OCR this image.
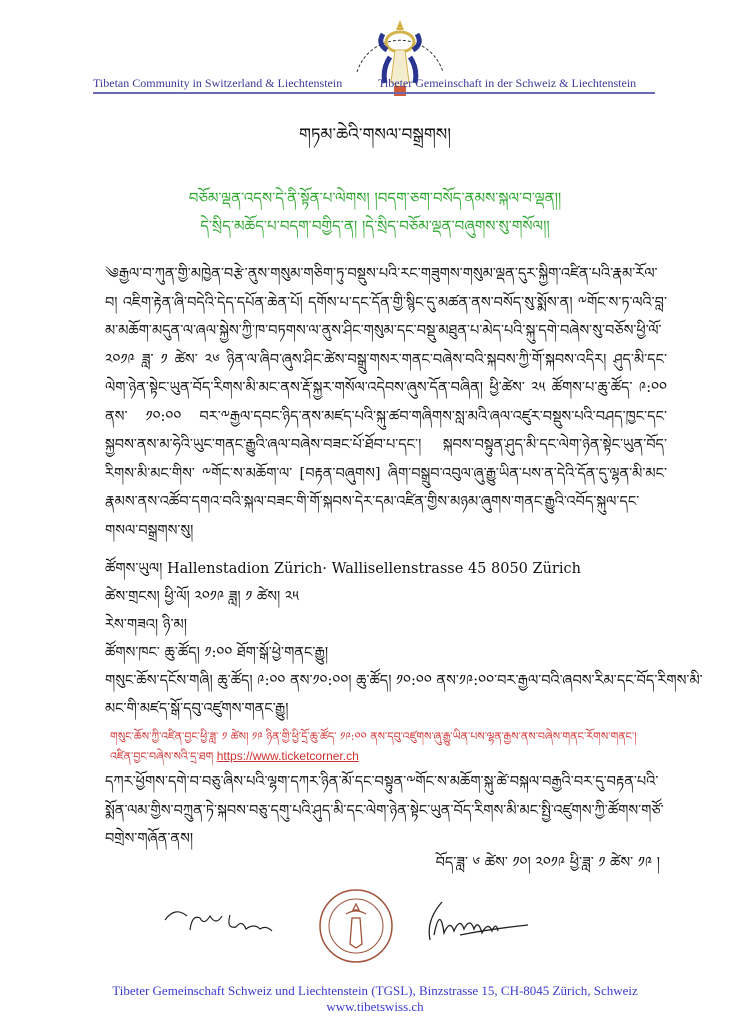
Tibetan Community in Switzerland & Liechtenstein	Tibeter Gemeinschaft in der Schweiz & Liechtenstein
གཏམ་ཆེའི་གསལ་བསྒྲགས།
བཅོམ་ལྡན་འདས་དེ་ནི་སྟོན་པ་ལེགས། །བདག་ཅག་བསོད་ནམས་སྐལ་བ་ལྡན།།
དེ་སྲིད་མཆོད་པ་བདག་བགྱིད་ན། །དེ་སྲིད་བཅོམ་ལྡན་བཞུགས་སུ་གསོལ།།
༄རྒྱལ་བ་ཀུན་གྱི་མཁྱེན་བརྩེ་ནུས་གསུམ་གཅིག་ཏུ་བསྡུས་པའི་རང་གཟུགས་གསུམ་ལྡན་དུར་སྐྱིག་འཛིན་པའི་རྣམ་རོལ་བ། འཇིག་རྟེན་ཞི་བདེའི་དེད་དཔོན་ཆེན་པོ། དགོས་པ་དང་དོན་གྱི་སྙིང་དུ་མཚན་ནས་བསོད་སུ་སྨོས་ན། ༸གོང་ས་ཏ་ལའི་བླ་མ་མཆོག་མདུན་ལ་ཞལ་སྐྱེས་ཀྱི་ཁ་བཏགས་ལ་ནུས་ཤིང་གསུམ་དང་བསྡུ་མཐུན་པ་མེད་པའི་སྐུ་དགེ་བཞེས་སུ་བཅོས་ཕྱི་ལོ་ ༢༠༡༩ ཟླ་ ༡ ཚེས་ ༢༦ ཉིན་ལ་ཞིབ་ཞུས་ཤིང་ཚེས་བསྒྲུ་གསར་གནང་བཞེས་བའི་སྐབས་ཀྱི་གོ་སྐབས་འདིར། ཤུད་མི་དང་ལེག་ཉེན་སྟེང་ཡུན་བོད་རིགས་མི་མང་ནས་རྡོ་སྐྱར་གསོལ་འདེབས་ཞུས་དོན་བཞིན། ཕྱི་ཚེས་ ༢༥ ཚོགས་པ་ཆུ་ཚོད་ ༩:༠༠ ནས་ ༡༠:༠༠ བར་༸རྒྱལ་དབང་ཉིད་ནས་མཛད་པའི་སྐུ་ཚབ་གཞིགས་སླ་མའི་ཞལ་འཛུར་བསྡུས་པའི་བཤད་ཁྱང་དང་སྐྱབས་ནས་མ་ཧེའི་ཡུང་གནང་རྒྱུའི་ཞལ་བཞེས་བཟང་པོ་ཐོབ་པ་དང་། སྐབས་བསྟུན་ཤུད་མི་དང་ལེག་ཉེན་སྟེང་ཡུན་བོད་རིགས་མི་མང་གིས་ ༸གོང་ས་མཆོག་ལ་ [བརྟན་བཞུགས] ཞིག་བསྒྲུབ་འབུལ་ཞུ་རྒྱུ་ཡིན་པས་ན་དེའི་དོན་དུ་ལྷན་མི་མང་རྣམས་ནས་འཚོབ་དགའ་བའི་སྐལ་བཟང་གི་གོ་སྐབས་དེར་དམ་འཛིན་གྱིས་མཉམ་ཞུགས་གནང་རྒྱུའི་འབོད་སྐུལ་དང་གསལ་བསྒྲགས་སུ།
ཚོགས་ཡུལ། Hallenstadion Zürich· Wallisellenstrasse 45 8050 Zürich
ཚེས་གྲངས། ཕྱི་ལོ། ༢༠༡༩ ཟླ། ༡ ཚེས། ༢༥
རེས་གཟའ། ཉི་མ།
ཚོགས་ཁང་ ཆུ་ཚོད། ༡:༠༠ ཐོག་སྒོ་ཕྱེ་གནང་རྒྱུ།
གསུང་ཆོས་དངོས་གཞི། ཆུ་ཚོད། ༩:༠༠ ནས་༡༠:༠༠། ཆུ་ཚོད། ༡༠:༠༠ ནས་༡༩:༠༠་བར་རྒྱལ་བའི་ཞབས་རིམ་དང་བོད་རིགས་མི་
མང་གི་མཛད་སྒོ་དབུ་འཛུགས་གནང་རྒྱུ།
གསུང་ཆོས་ཀྱི་འཛིན་བྱང་ཕྱི་ཟླ་ ༡ ཚེས། ༡༩ ཉིན་གྱི་ཕྱི་དྲོ་ཆུ་ཚོད་ ༡༩:༠༠ ནས་དབུ་འཛུགས་ཞུ་རྒྱུ་ཡིན་པས་ལྷན་རྒྱས་ནས་བཞེས་གནང་རོགས་གནང་།
འཛིན་བྱང་བཞེས་སའི་དྲ་ཐག https://www.ticketcorner.ch
དཀར་ཕྱོགས་དགེ་བ་བཅུ་ཞིས་པའི་ལྷག་དཀར་ཉིན་མོ་དང་བསྟུན་༸གོང་ས་མཆོག་སྐུ་ཚེ་བསྐལ་བརྒྱའི་བར་དུ་བརྟན་པའི་སྨོན་ལམ་གྱིས་བཀྲུན་ཏེ་སྐབས་བཅུ་དགུ་པའི་ཤུད་མི་དང་ལེག་ཉེན་སྟེང་ཡུན་བོད་རིགས་མི་མང་སྤྱི་འཛུགས་ཀྱི་ཚོགས་གཙོ་བགྲེས་གཞོན་ནས།
བོད་ཟླ་ ༦ ཚེས་ ༡༠། ༢༠༡༩ ཕྱི་ཟླ་ ༡ ཚེས་ ༡༩ །
Tibeter Gemeinschaft Schweiz und Liechtenstein (TGSL), Binzstrasse 15, CH-8045 Zürich, Schweiz
www.tibetswiss.ch
